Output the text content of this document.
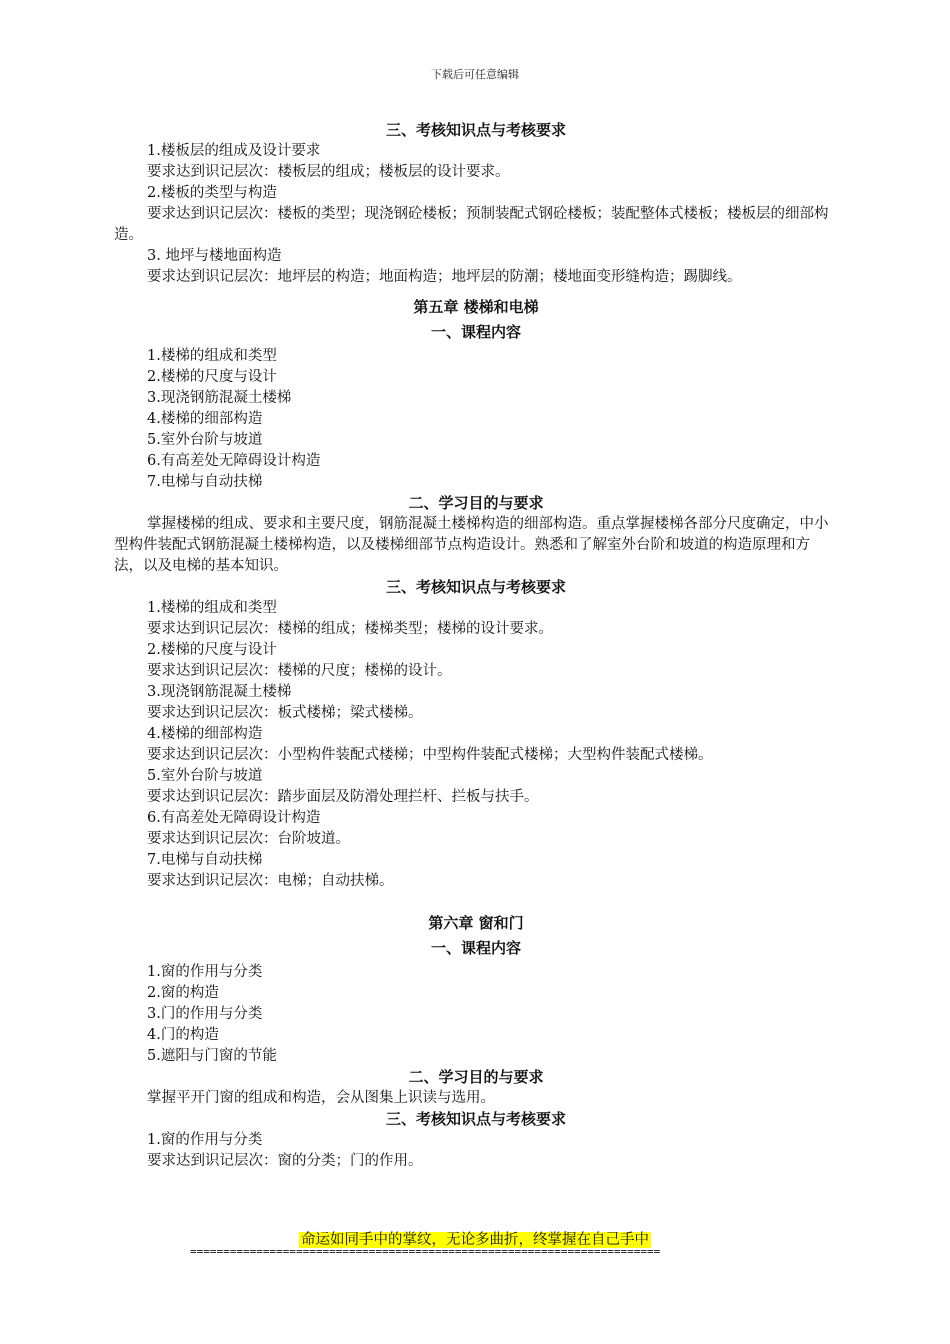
下载后可任意编辑
三、考核知识点与考核要求
1.楼板层的组成及设计要求
要求达到识记层次：楼板层的组成；楼板层的设计要求。
2.楼板的类型与构造
要求达到识记层次：楼板的类型；现浇钢砼楼板；预制装配式钢砼楼板；装配整体式楼板；楼板层的细部构造。
3. 地坪与楼地面构造
要求达到识记层次：地坪层的构造；地面构造；地坪层的防潮；楼地面变形缝构造；踢脚线。
第五章 楼梯和电梯
一、课程内容
1.楼梯的组成和类型
2.楼梯的尺度与设计
3.现浇钢筋混凝土楼梯
4.楼梯的细部构造
5.室外台阶与坡道
6.有高差处无障碍设计构造
7.电梯与自动扶梯
二、学习目的与要求
掌握楼梯的组成、要求和主要尺度，钢筋混凝土楼梯构造的细部构造。重点掌握楼梯各部分尺度确定，中小型构件装配式钢筋混凝土楼梯构造，以及楼梯细部节点构造设计。熟悉和了解室外台阶和坡道的构造原理和方法，以及电梯的基本知识。
三、考核知识点与考核要求
1.楼梯的组成和类型
要求达到识记层次：楼梯的组成；楼梯类型；楼梯的设计要求。
2.楼梯的尺度与设计
要求达到识记层次：楼梯的尺度；楼梯的设计。
3.现浇钢筋混凝土楼梯
要求达到识记层次：板式楼梯；梁式楼梯。
4.楼梯的细部构造
要求达到识记层次：小型构件装配式楼梯；中型构件装配式楼梯；大型构件装配式楼梯。
5.室外台阶与坡道
要求达到识记层次：踏步面层及防滑处理拦杆、拦板与扶手。
6.有高差处无障碍设计构造
要求达到识记层次：台阶坡道。
7.电梯与自动扶梯
要求达到识记层次：电梯；自动扶梯。
第六章 窗和门
一、课程内容
1.窗的作用与分类
2.窗的构造
3.门的作用与分类
4.门的构造
5.遮阳与门窗的节能
二、学习目的与要求
掌握平开门窗的组成和构造，会从图集上识读与选用。
三、考核知识点与考核要求
1.窗的作用与分类
要求达到识记层次：窗的分类；门的作用。
命运如同手中的掌纹，无论多曲折，终掌握在自己手中
=======================================================================
